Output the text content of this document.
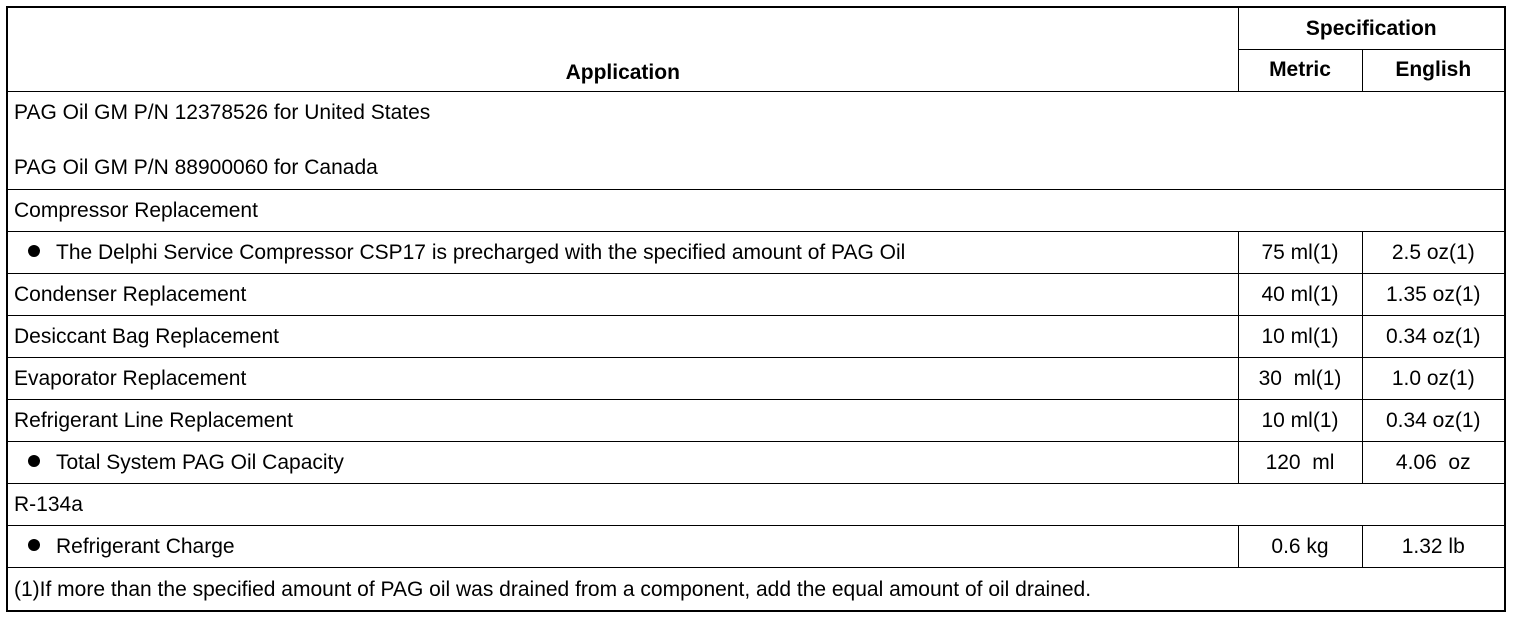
Application	Specification	
	Metric	English

PAG Oil GM P/N 12378526 for United States
PAG Oil GM P/N 88900060 for Canada		

Compressor Replacement		
The Delphi Service Compressor CSP17 is precharged with the specified amount of PAG Oil	75 ml(1)	2.5 oz(1)
Condenser Replacement	40 ml(1)	1.35 oz(1)
Desiccant Bag Replacement	10 ml(1)	0.34 oz(1)
Evaporator Replacement	30  ml(1)	1.0 oz(1)
Refrigerant Line Replacement	10 ml(1)	0.34 oz(1)
Total System PAG Oil Capacity	120  ml	4.06  oz
R-134a		
Refrigerant Charge	0.6 kg	1.32 lb
(1)If more than the specified amount of PAG oil was drained from a component, add the equal amount of oil drained.		
